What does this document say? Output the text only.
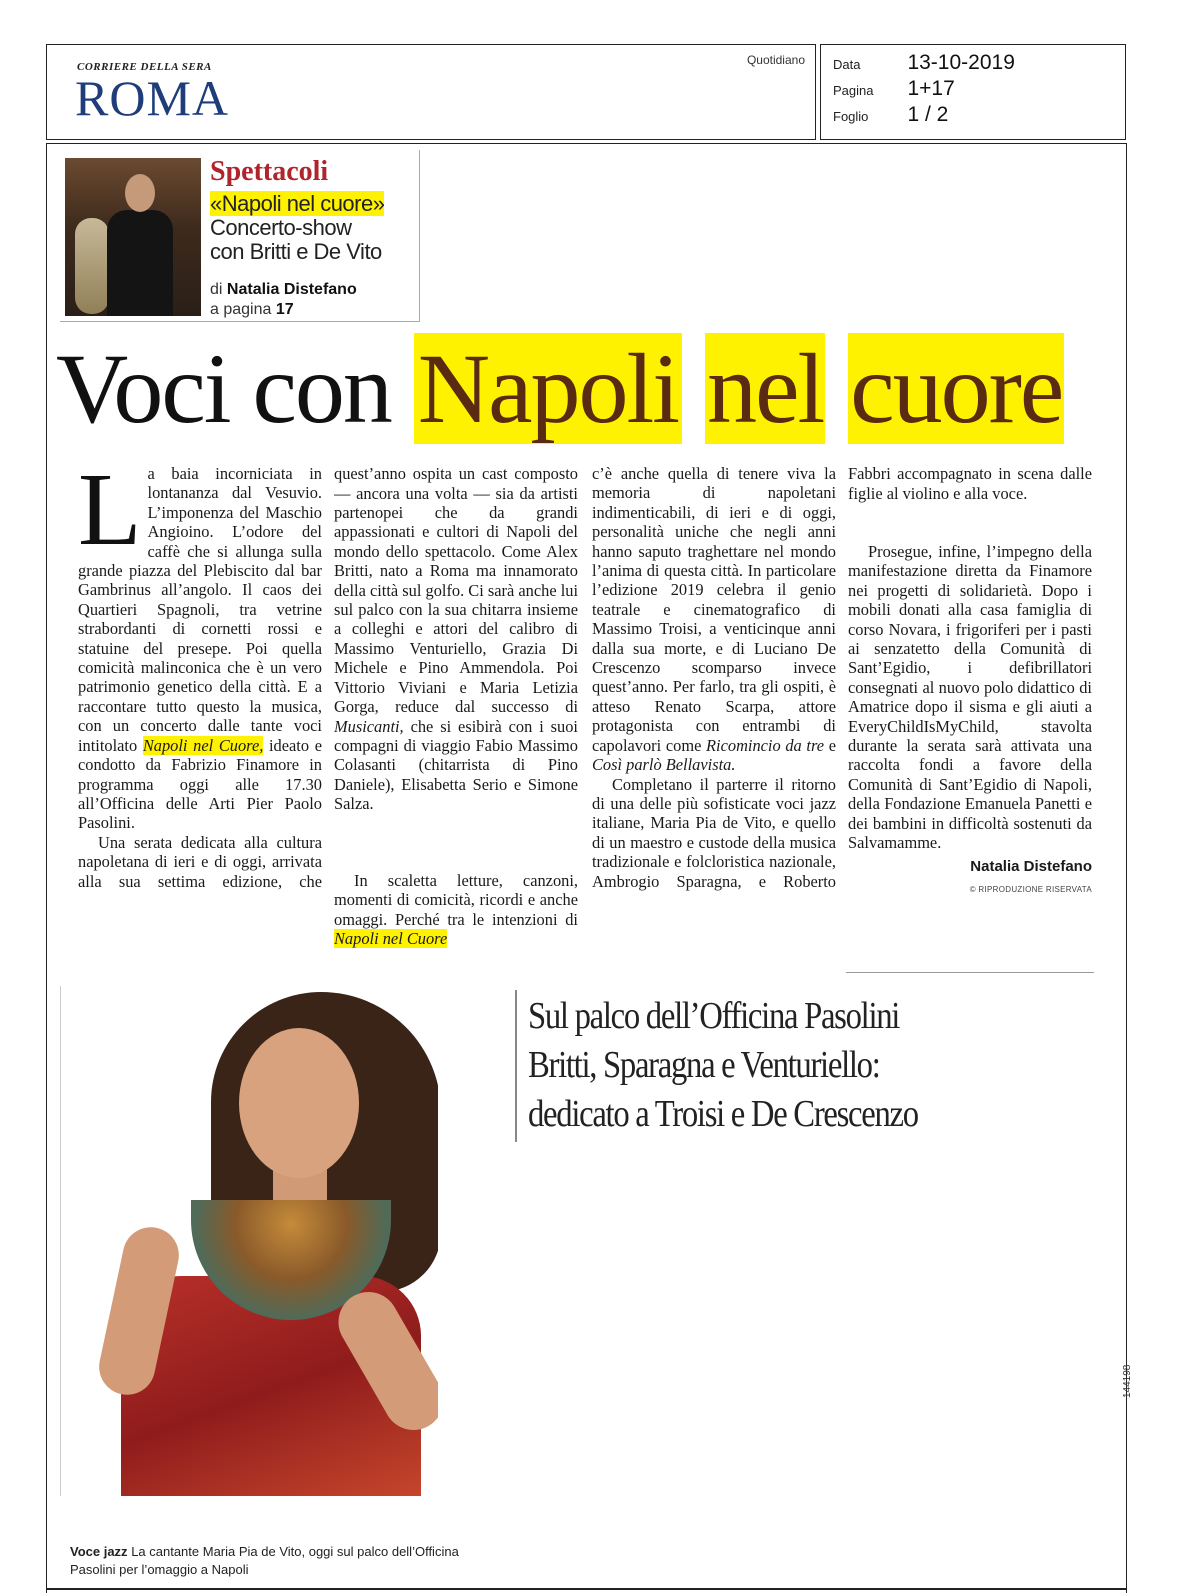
CORRIERE DELLA SERA
ROMA
Quotidiano Data 13-10-2019
Pagina 1+17
Foglio 1 / 2
Spettacoli
«Napoli nel cuore»
Concerto-show
con Britti e De Vito
di Natalia Distefano
a pagina 17
Voci con Napoli nel cuore

La baia incorniciata in lontananza dal Vesuvio. L’imponenza del Maschio Angioino. L’odore del caffè che si allunga sulla grande piazza del Plebiscito dal bar Gambrinus all’angolo. Il caos dei Quartieri Spagnoli, tra vetrine strabordanti di cornetti rossi e statuine del presepe. Poi quella comicità malinconica che è un vero patrimonio genetico della città. E a raccontare tutto questo la musica, con un concerto dalle tante voci intitolato Napoli nel Cuore, ideato e condotto da Fabrizio Finamore in programma oggi alle 17.30 all’Officina delle Arti Pier Paolo Pasolini.

Una serata dedicata alla cultura napoletana di ieri e di oggi, arrivata alla sua settima edizione, che

quest’anno ospita un cast composto — ancora una volta — sia da artisti partenopei che da grandi appassionati e cultori di Napoli del mondo dello spettacolo. Come Alex Britti, nato a Roma ma innamorato della città sul golfo. Ci sarà anche lui sul palco con la sua chitarra insieme a colleghi e attori del calibro di Massimo Venturiello, Grazia Di Michele e Pino Ammendola. Poi Vittorio Viviani e Maria Letizia Gorga, reduce dal successo di Musicanti, che si esibirà con i suoi compagni di viaggio Fabio Massimo Colasanti (chitarrista di Pino Daniele), Elisabetta Serio e Simone Salza.

In scaletta letture, canzoni, momenti di comicità, ricordi e anche omaggi. Perché tra le intenzioni di Napoli nel Cuore

c’è anche quella di tenere viva la memoria di napoletani indimenticabili, di ieri e di oggi, personalità uniche che negli anni hanno saputo traghettare nel mondo l’anima di questa città. In particolare l’edizione 2019 celebra il genio teatrale e cinematografico di Massimo Troisi, a venticinque anni dalla sua morte, e di Luciano De Crescenzo scomparso invece quest’anno. Per farlo, tra gli ospiti, è atteso Renato Scarpa, attore protagonista con entrambi di capolavori come Ricomincio da tre e Così parlò Bellavista.

Completano il parterre il ritorno di una delle più sofisticate voci jazz italiane, Maria Pia de Vito, e quello di un maestro e custode della musica tradizionale e folcloristica nazionale, Ambrogio Sparagna, e Roberto

Fabbri accompagnato in scena dalle figlie al violino e alla voce.

Prosegue, infine, l’impegno della manifestazione diretta da Finamore nei progetti di solidarietà. Dopo i mobili donati alla casa famiglia di corso Novara, i frigoriferi per i pasti ai senzatetto della Comunità di Sant’Egidio, i defibrillatori consegnati al nuovo polo didattico di Amatrice dopo il sisma e gli aiuti a EveryChildIsMyChild, stavolta durante la serata sarà attivata una raccolta fondi a favore della Comunità di Sant’Egidio di Napoli, della Fondazione Emanuela Panetti e dei bambini in difficoltà sostenuti da Salvamamme.

Natalia Distefano
© RIPRODUZIONE RISERVATA
Voce jazz La cantante Maria Pia de Vito, oggi sul palco dell’Officina Pasolini per l’omaggio a Napoli
Sul palco dell’Officina Pasolini
Britti, Sparagna e Venturiello:
dedicato a Troisi e De Crescenzo
144198
